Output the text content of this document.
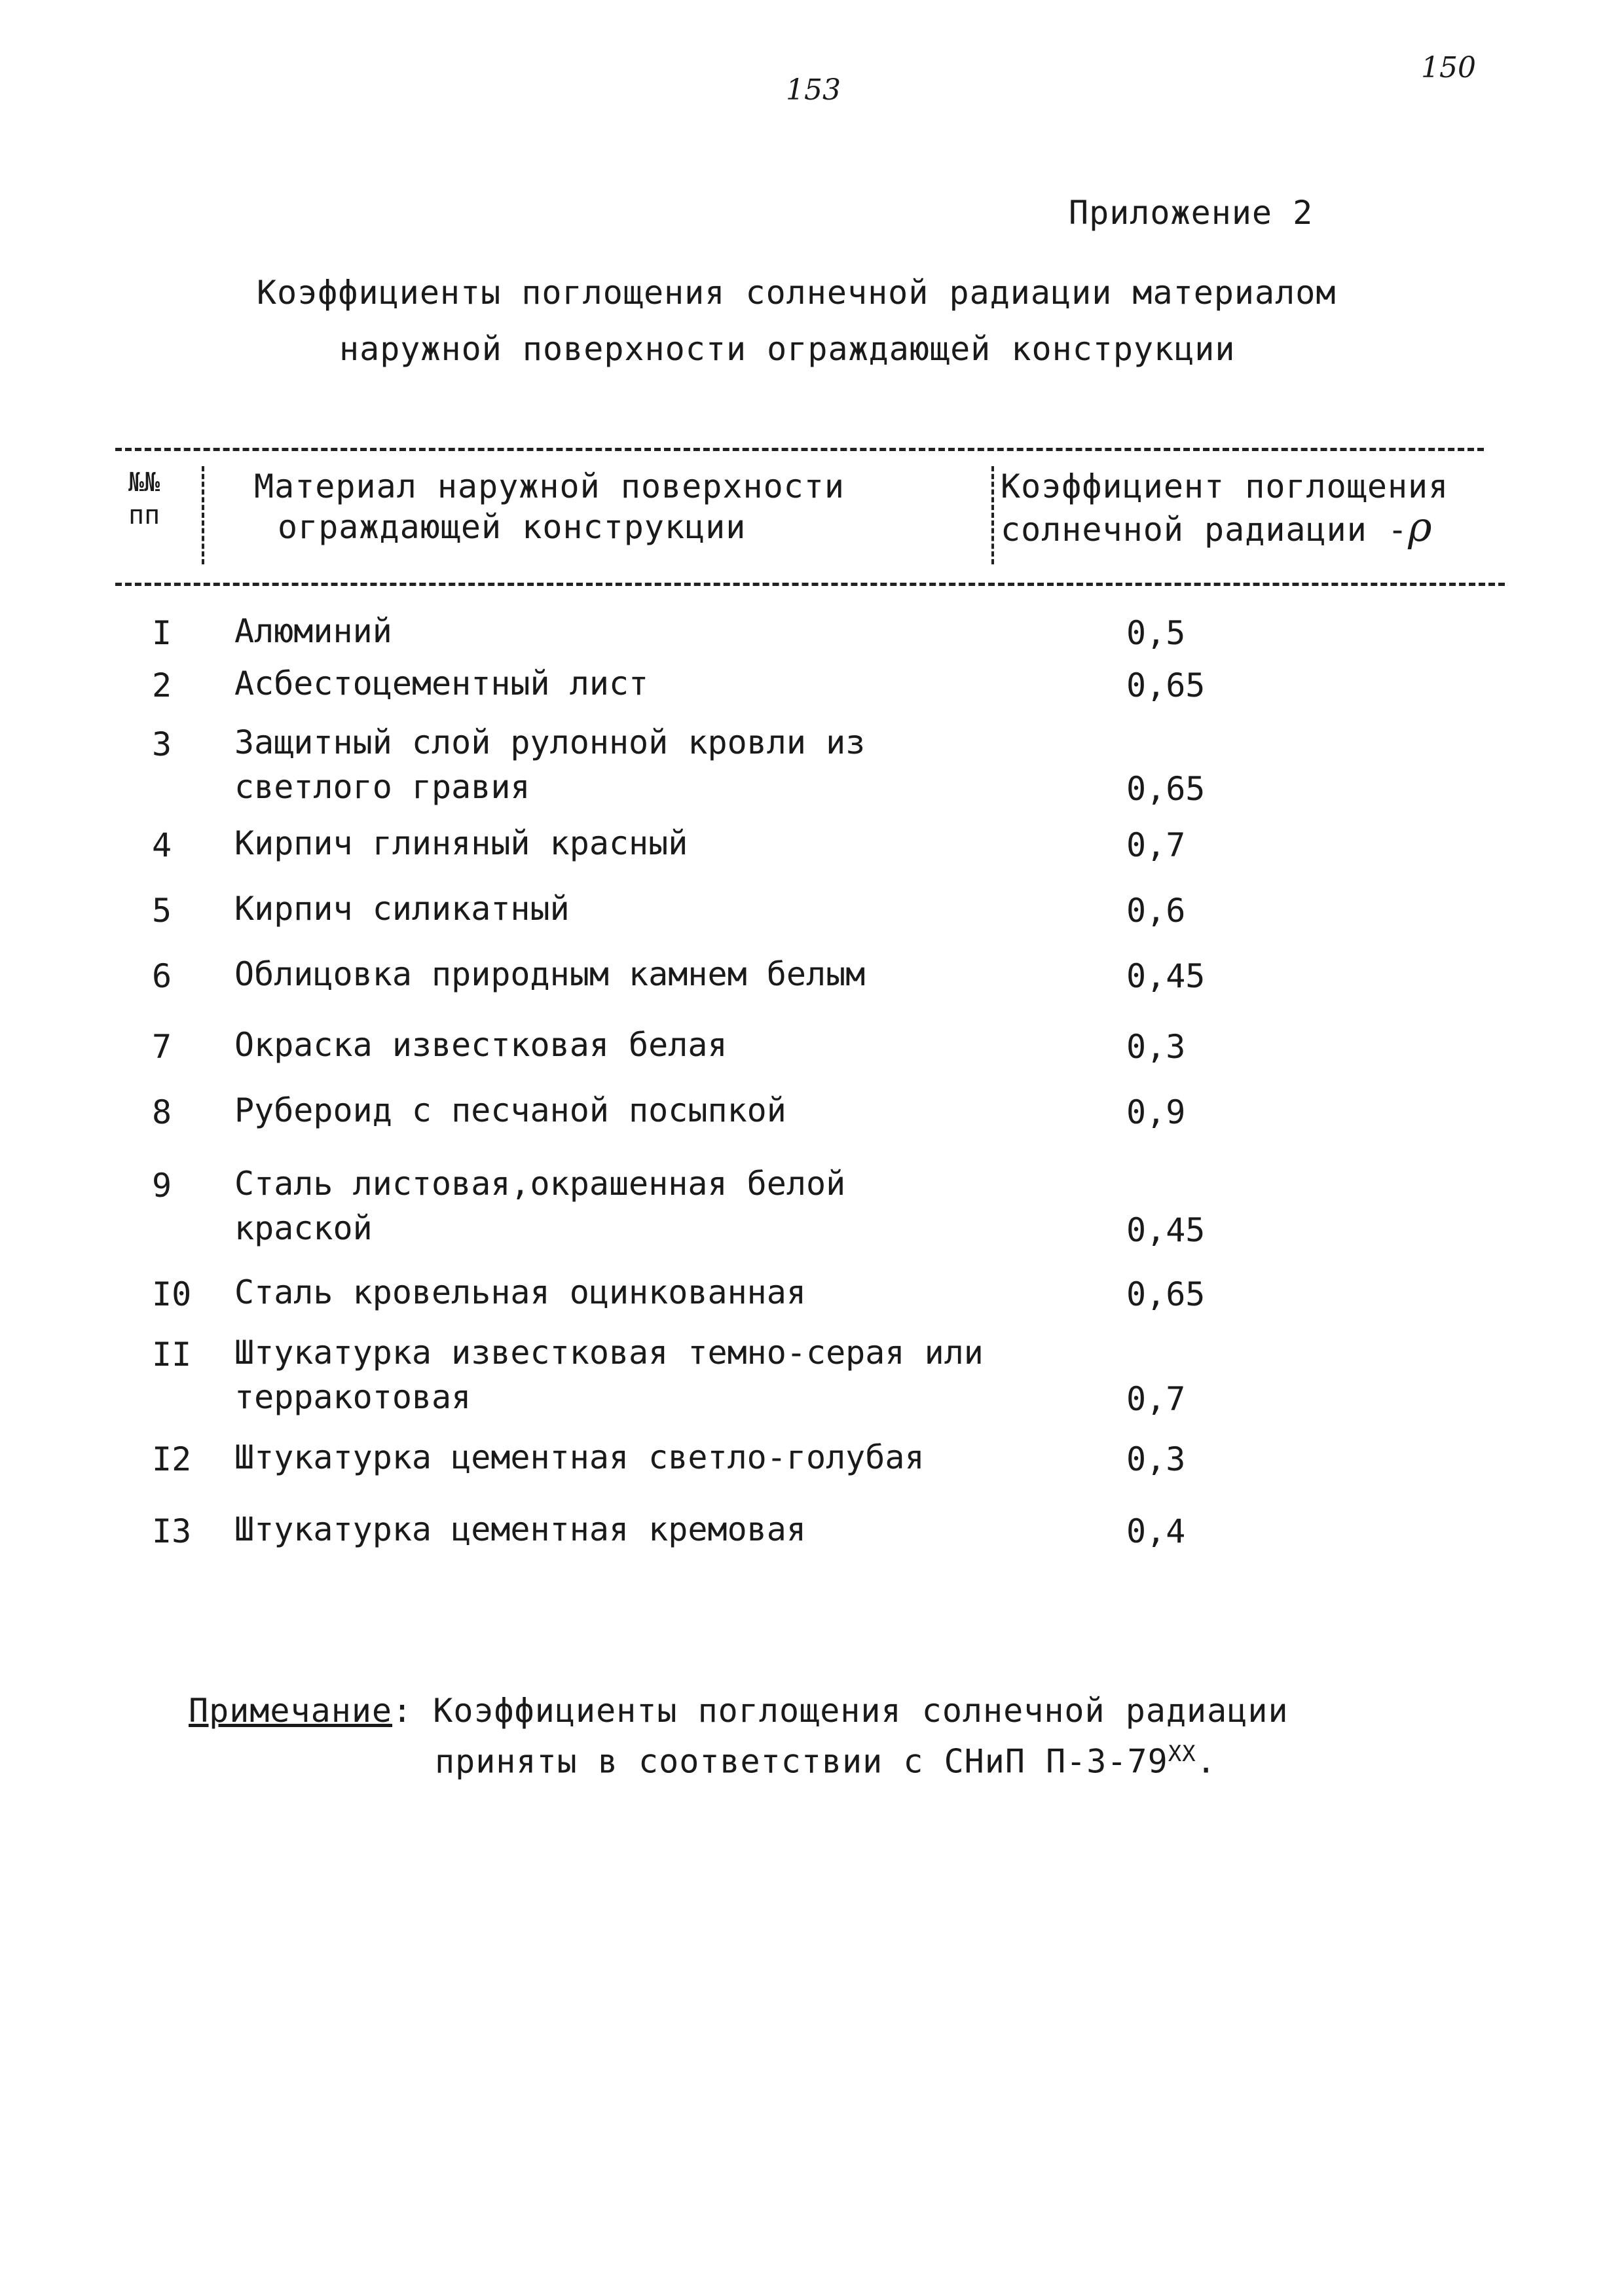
153
150
Приложение 2
Коэффициенты поглощения солнечной радиации материалом
наружной поверхности ограждающей конструкции
№№
пп
Материал наружной поверхности
ограждающей конструкции
Коэффициент поглощения
солнечной радиации -ρ
I Алюминий	0,5
2 Асбестоцементный лист	0,65
3 Защитный слой рулонной кровли из
светлого гравия	0,65
4 Кирпич глиняный красный	0,7
5 Кирпич силикатный	0,6
6 Облицовка природным камнем белым	0,45
7 Окраска известковая белая	0,3
8 Рубероид с песчаной посыпкой	0,9
9 Сталь листовая,окрашенная белой
краской	0,45
I0 Сталь кровельная оцинкованная	0,65
II Штукатурка известковая темно-серая или
терракотовая	0,7
I2 Штукатурка цементная светло-голубая	0,3
I3 Штукатурка цементная кремовая	0,4
Примечание: Коэффициенты поглощения солнечной радиации
приняты в соответствии с СНиП $П-3-79^{ХХ}$.
